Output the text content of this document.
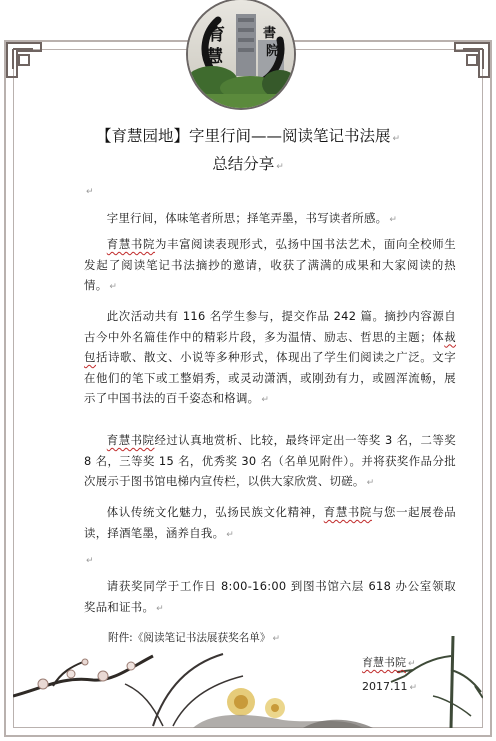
育
慧
書
院
【育慧园地】字里行间——阅读笔记书法展 ↵
总结分享 ↵
↵
字里行间，体味笔者所思；择笔弄墨，书写读者所感。 ↵
育慧书院为丰富阅读表现形式，弘扬中国书法艺术，面向全校师生发起了阅读笔记书法摘抄的邀请，收获了满满的成果和大家阅读的热情。 ↵
此次活动共有 116 名学生参与，提交作品 242 篇。摘抄内容源自古今中外名篇佳作中的精彩片段，多为温情、励志、哲思的主题；体裁包括诗歌、散文、小说等多种形式，体现出了学生们阅读之广泛。文字在他们的笔下或工整娟秀，或灵动潇洒，或刚劲有力，或圆浑流畅，展示了中国书法的百千姿态和格调。 ↵
育慧书院经过认真地赏析、比较，最终评定出一等奖 3 名，二等奖 8 名，三等奖 15 名，优秀奖 30 名（名单见附件）。并将获奖作品分批次展示于图书馆电梯内宣传栏，以供大家欣赏、切磋。 ↵
体认传统文化魅力，弘扬民族文化精神，育慧书院与您一起展卷品读，择酒笔墨，涵养自我。 ↵
↵
请获奖同学于工作日 8:00-16:00 到图书馆六层 618 办公室领取奖品和证书。 ↵
附件:《阅读笔记书法展获奖名单》 ↵
育慧书院 ↵
2017.11 ↵
